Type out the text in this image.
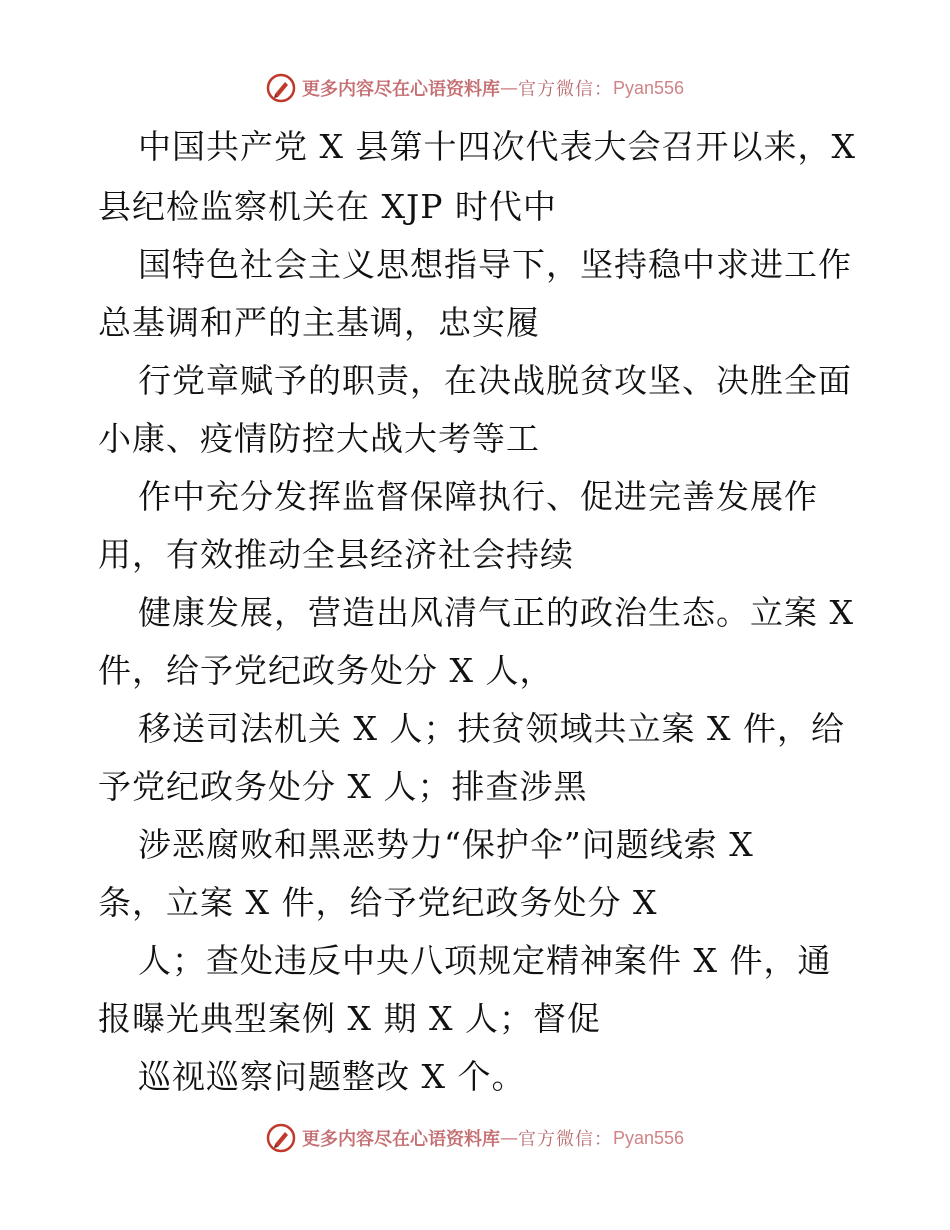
更多内容尽在心语资料库 — 官方微信： Pyan556
中国共产党 X 县第十四次代表大会召开以来，X
县纪检监察机关在 XJP 时代中
国特色社会主义思想指导下，坚持稳中求进工作
总基调和严的主基调，忠实履
行党章赋予的职责，在决战脱贫攻坚、决胜全面
小康、疫情防控大战大考等工
作中充分发挥监督保障执行、促进完善发展作
用，有效推动全县经济社会持续
健康发展，营造出风清气正的政治生态。立案 X
件，给予党纪政务处分 X 人，
移送司法机关 X 人；扶贫领域共立案 X 件，给
予党纪政务处分 X 人；排查涉黑
涉恶腐败和黑恶势力“保护伞”问题线索 X
条，立案 X 件，给予党纪政务处分 X
人；查处违反中央八项规定精神案件 X 件，通
报曝光典型案例 X 期 X 人；督促
巡视巡察问题整改 X 个。
更多内容尽在心语资料库 — 官方微信： Pyan556
